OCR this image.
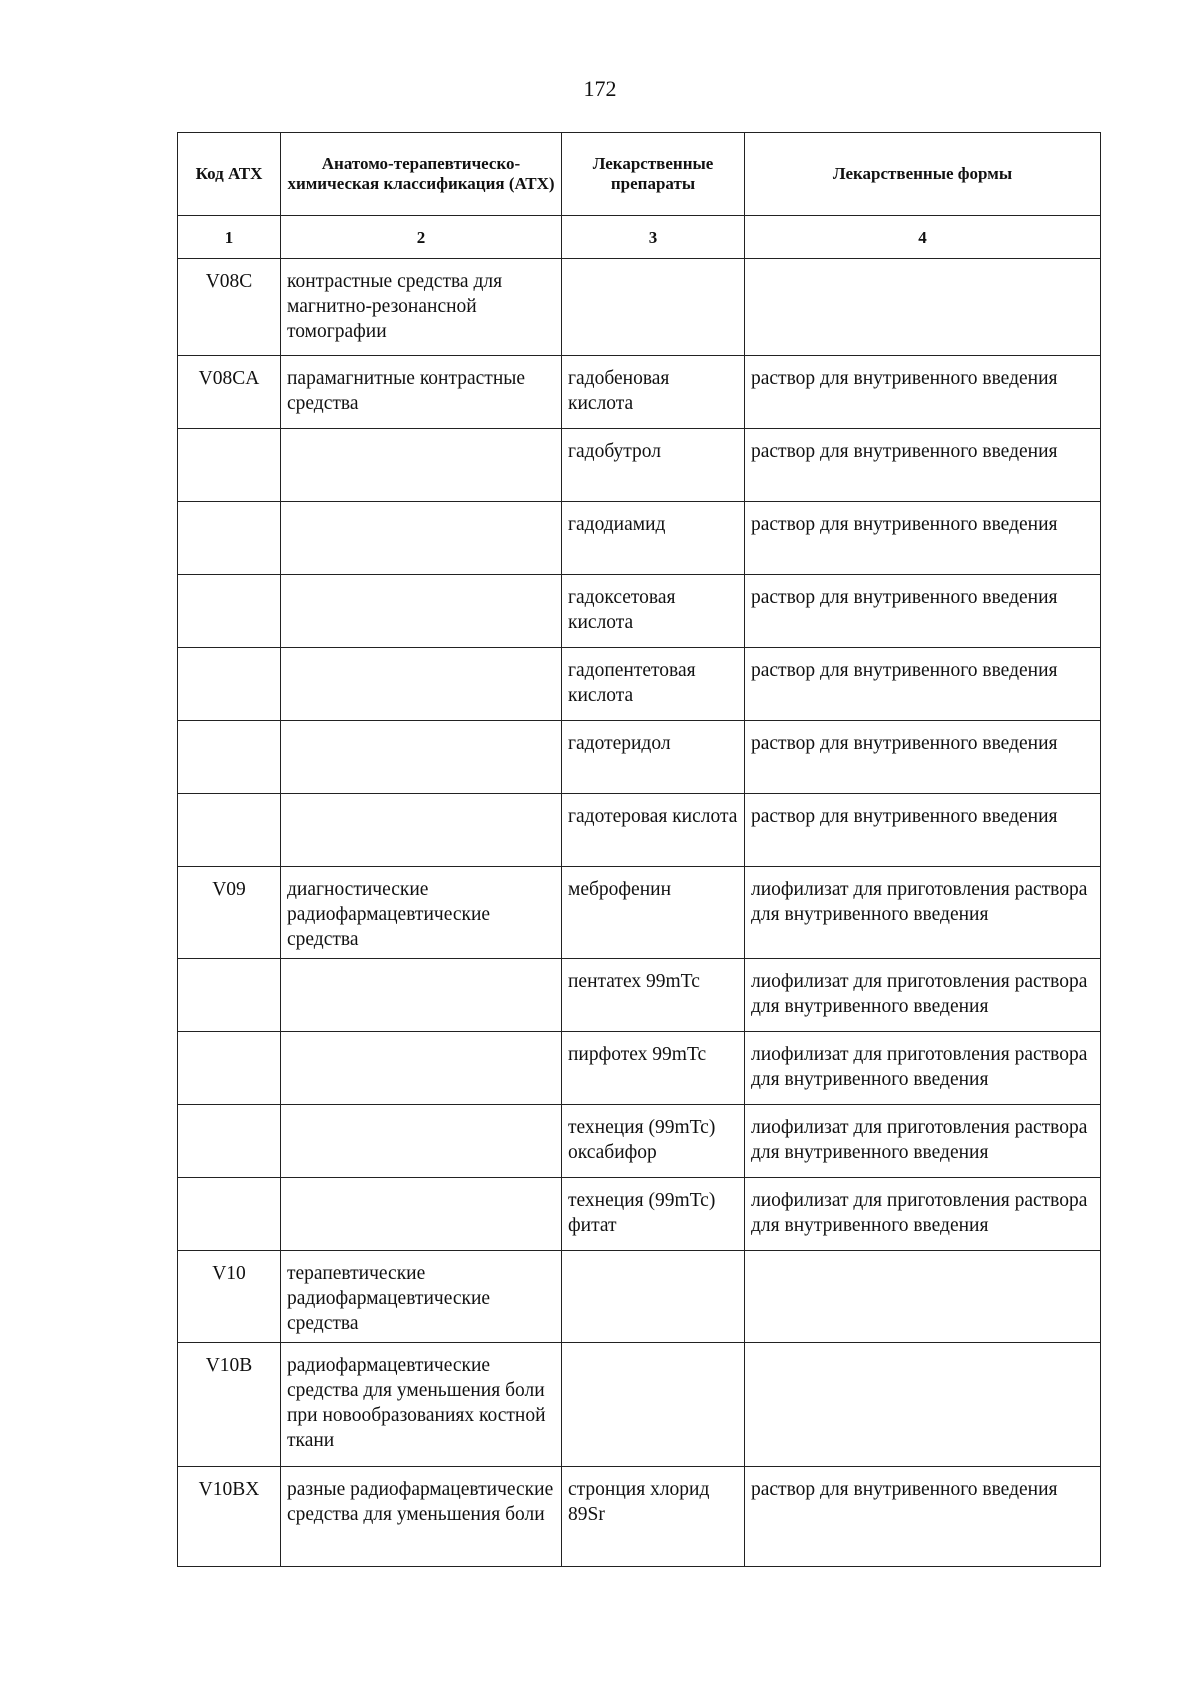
172
Код АТХ	Анатомо-терапевтическо-химическая классификация (АТХ)	Лекарственные препараты	Лекарственные формы
1	2	3	4
V08C	контрастные средства для магнитно-резонансной томографии		
V08CA	парамагнитные контрастные средства	гадобеновая кислота	раствор для внутривенного введения
		гадобутрол	раствор для внутривенного введения
		гадодиамид	раствор для внутривенного введения
		гадоксетовая кислота	раствор для внутривенного введения
		гадопентетовая кислота	раствор для внутривенного введения
		гадотеридол	раствор для внутривенного введения
		гадотеровая кислота	раствор для внутривенного введения
V09	диагностические радиофармацевтические средства	меброфенин	лиофилизат для приготовления раствора для внутривенного введения
		пентатех 99mTc	лиофилизат для приготовления раствора для внутривенного введения
		пирфотех 99mTc	лиофилизат для приготовления раствора для внутривенного введения
		технеция (99mTc) оксабифор	лиофилизат для приготовления раствора для внутривенного введения
		технеция (99mTc) фитат	лиофилизат для приготовления раствора для внутривенного введения
V10	терапевтические радиофармацевтические средства		
V10B	радиофармацевтические средства для уменьшения боли при новообразованиях костной ткани		
V10BX	разные радиофармацевтические средства для уменьшения боли	стронция хлорид 89Sr	раствор для внутривенного введения
